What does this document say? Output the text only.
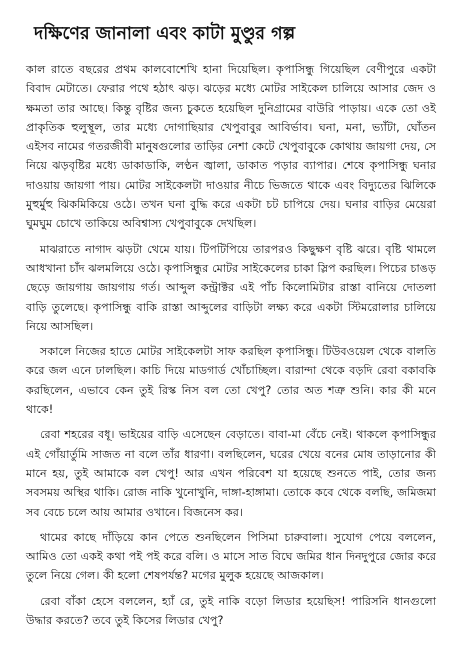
দক্ষিণের জানালা এবং কাটা মুণ্ডুর গল্প

কাল রাতে বছরের প্রথম কালবোশেখি হানা দিয়েছিল। কৃপাসিন্ধু গিয়েছিল বেণীপুরে একটা বিবাদ মেটাতে। ফেরার পথে হঠাৎ ঝড়। ঝড়ের মধ্যে মোটর সাইকেল চালিয়ে আসার জেদ ও ক্ষমতা তার আছে। কিন্তু বৃষ্টির জন্য চুকতে হয়েছিল দুনিগ্রামের বাউরি পাড়ায়। একে তো ওই প্রাকৃতিক হুলুস্থূল, তার মধ্যে দোগাছিয়ার খেপুবাবুর আবির্ভাব। ঘনা, মনা, ভ্যাঁটা, ঘোঁতন এইসব নামের গতরজীবী মানুষগুলোর তাড়ির নেশা কেটে খেপুবাবুকে কোথায় জায়গা দেয়, সে নিয়ে ঝড়বৃষ্টির মধ্যে ডাকাডাকি, লণ্ঠন জ্বালা, ডাকাত পড়ার ব্যাপার। শেষে কৃপাসিন্ধু ঘনার দাওয়ায় জায়গা পায়। মোটর সাইকেলটা দাওয়ার নীচে ভিজতে থাকে এবং বিদ্যুতের ঝিলিকে মুহুর্মুহু ঝিকমিকিয়ে ওঠে। তখন ঘনা বুদ্ধি করে একটা চট চাপিয়ে দেয়। ঘনার বাড়ির মেয়েরা ঘুমঘুম চোখে তাকিয়ে অবিশ্বাস্য খেপুবাবুকে দেখছিল।

মাঝরাতে নাগাদ ঝড়টা থেমে যায়। টিপটিপিয়ে তারপরও কিছুক্ষণ বৃষ্টি ঝরে। বৃষ্টি থামলে আধখানা চাঁদ ঝলমলিয়ে ওঠে। কৃপাসিন্ধুর মোটর সাইকেলের চাকা স্লিপ করছিল। পিচের চাঙড় ছেড়ে জায়গায় জায়গায় গর্ত। আব্দুল কন্ট্রাক্টর এই পাঁচ কিলোমিটার রাস্তা বানিয়ে দোতলা বাড়ি তুলেছে। কৃপাসিন্ধু বাকি রাস্তা আব্দুলের বাড়িটা লক্ষ্য করে একটা স্টিমরোলার চালিয়ে নিয়ে আসছিল।

সকালে নিজের হাতে মোটর সাইকেলটা সাফ করছিল কৃপাসিন্ধু। টিউবওয়েল থেকে বালতি করে জল এনে ঢালছিল। কাচি দিয়ে মাডগার্ড খোঁচাচ্ছিল। বারান্দা থেকে বড়দি রেবা বকাবকি করছিলেন, এভাবে কেন তুই রিস্ক নিস বল তো খেপু? তোর অত শত্রু শুনি। কার কী মনে থাকে!

রেবা শহরের বধূ। ভাইয়ের বাড়ি এসেছেন বেড়াতে। বাবা-মা বেঁচে নেই। থাকলে কৃপাসিন্ধুর এই গোঁয়ার্তুমি সাজত না বলে তাঁর ধারণা। বলছিলেন, ঘরের খেয়ে বনের মোষ তাড়ানোর কী মানে হয়, তুই আমাকে বল খেপু! আর এখন পরিবেশ যা হয়েছে শুনতে পাই, তোর জন্য সবসময় অস্থির থাকি। রোজ নাকি খুনোখুনি, দাঙ্গা-হাঙ্গামা। তোকে কবে থেকে বলছি, জমিজমা সব বেচে চলে আয় আমার ওখানে। বিজনেস কর।

থামের কাছে দাঁড়িয়ে কান পেতে শুনছিলেন পিসিমা চারুবালা। সুযোগ পেয়ে বললেন, আমিও তো একই কথা পই পই করে বলি। ও মাসে সাত বিঘে জমির ধান দিনদুপুরে জোর করে তুলে নিয়ে গেল। কী হলো শেষপর্যন্ত? মগের মুলুক হয়েছে আজকাল।

রেবা বাঁকা হেসে বললেন, হ্যাঁ রে, তুই নাকি বড়ো লিডার হয়েছিস! পারিসনি ধানগুলো উদ্ধার করতে? তবে তুই কিসের লিডার খেপু?
